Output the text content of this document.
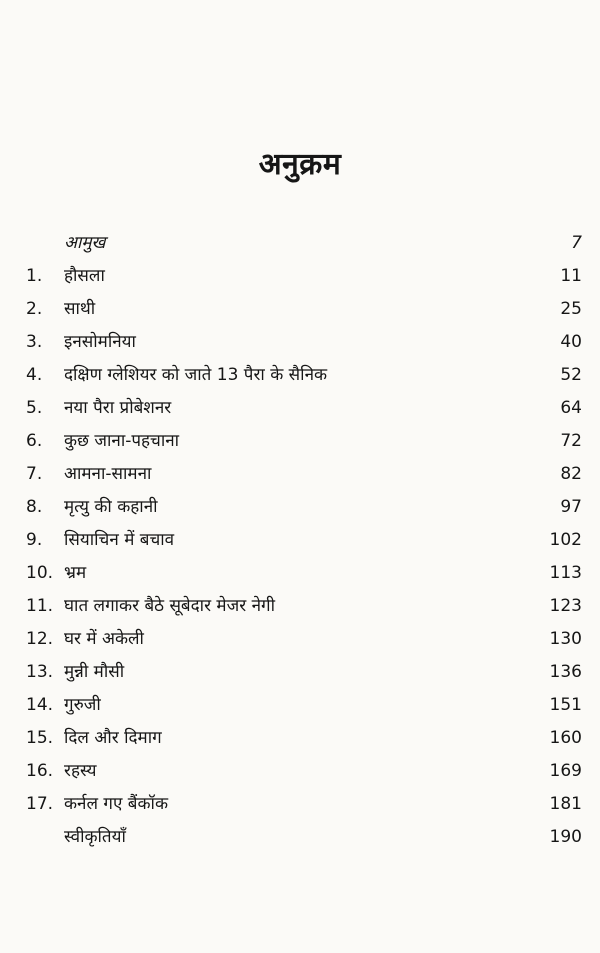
अनुक्रम
आमुख	7
1.	हौसला	11
2.	साथी	25
3.	इनसोमनिया	40
4.	दक्षिण ग्लेशियर को जाते 13 पैरा के सैनिक	52
5.	नया पैरा प्रोबेशनर	64
6.	कुछ जाना-पहचाना	72
7.	आमना-सामना	82
8.	मृत्यु की कहानी	97
9.	सियाचिन में बचाव	102
10. भ्रम	113
11. घात लगाकर बैठे सूबेदार मेजर नेगी	123
12. घर में अकेली	130
13. मुन्नी मौसी	136
14. गुरुजी	151
15. दिल और दिमाग	160
16. रहस्य	169
17. कर्नल गए बैंकॉक	181
स्वीकृतियाँ	190
